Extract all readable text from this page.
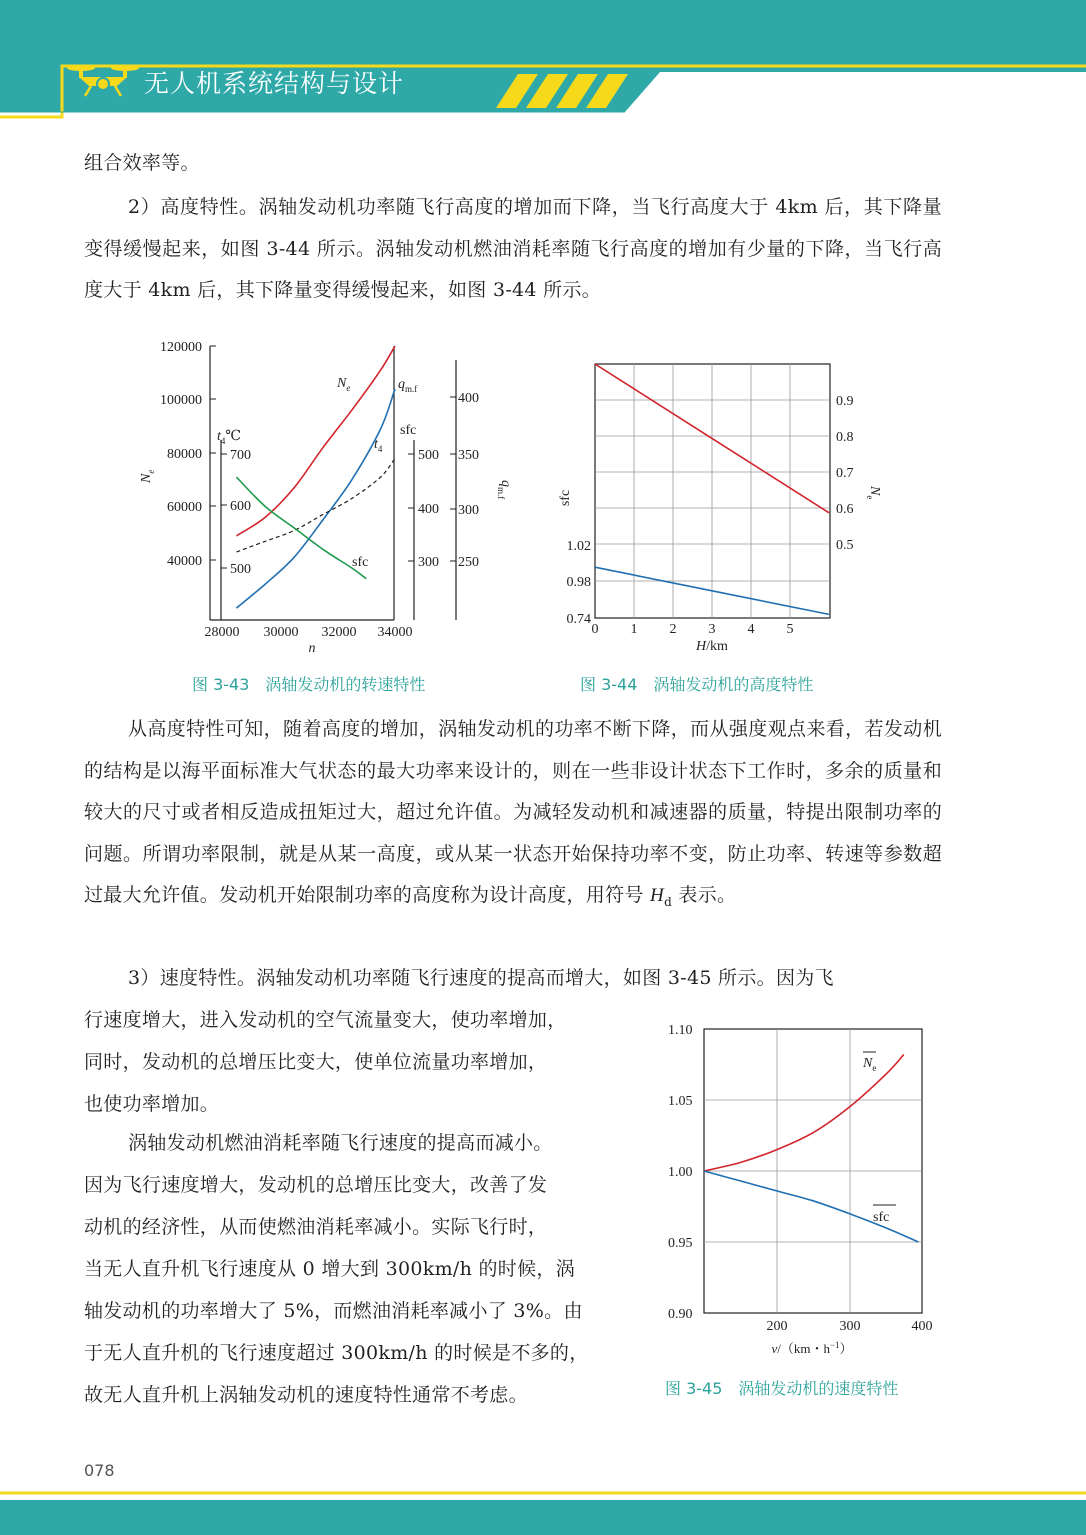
无人机系统结构与设计
组合效率等。
2）高度特性。涡轴发动机功率随飞行高度的增加而下降，当飞行高度大于 4km 后，其下降量变得缓慢起来，如图 3-44 所示。涡轴发动机燃油消耗率随飞行高度的增加有少量的下降，当飞行高度大于 4km 后，其下降量变得缓慢起来，如图 3-44 所示。
120000
100000
80000
60000
40000
700
600
500
500
400
300
400
350
300
250
28000 30000 32000 34000
n
$N_e$	$q_{m.f}$
sfc
$t_4$
$t_4℃$
sfc
$N_e$
$q_{m.f}$
0.9
0.8
0.7
0.6
0.5
1.02
0.98
0.74
0 1 2 3 4 5
H/km
sfc	$N_e$
图 3-43　涡轴发动机的转速特性	图 3-44　涡轴发动机的高度特性
从高度特性可知，随着高度的增加，涡轴发动机的功率不断下降，而从强度观点来看，若发动机的结构是以海平面标准大气状态的最大功率来设计的，则在一些非设计状态下工作时，多余的质量和较大的尺寸或者相反造成扭矩过大，超过允许值。为减轻发动机和减速器的质量，特提出限制功率的问题。所谓功率限制，就是从某一高度，或从某一状态开始保持功率不变，防止功率、转速等参数超过最大允许值。发动机开始限制功率的高度称为设计高度，用符号 $H_d$ 表示。
3）速度特性。涡轴发动机功率随飞行速度的提高而增大，如图 3-45 所示。因为飞
行速度增大，进入发动机的空气流量变大，使功率增加，
同时，发动机的总增压比变大，使单位流量功率增加，
也使功率增加。
涡轴发动机燃油消耗率随飞行速度的提高而减小。
因为飞行速度增大，发动机的总增压比变大，改善了发
动机的经济性，从而使燃油消耗率减小。实际飞行时，
当无人直升机飞行速度从 0 增大到 300km/h 的时候，涡
轴发动机的功率增大了 5%，而燃油消耗率减小了 3%。由
于无人直升机的飞行速度超过 300km/h 的时候是不多的，
故无人直升机上涡轴发动机的速度特性通常不考虑。
1.10
1.05
1.00
0.95
0.90
200	300	400
v/（km・$h^{-1}$）
$N_e$
sfc
图 3-45　涡轴发动机的速度特性
078
